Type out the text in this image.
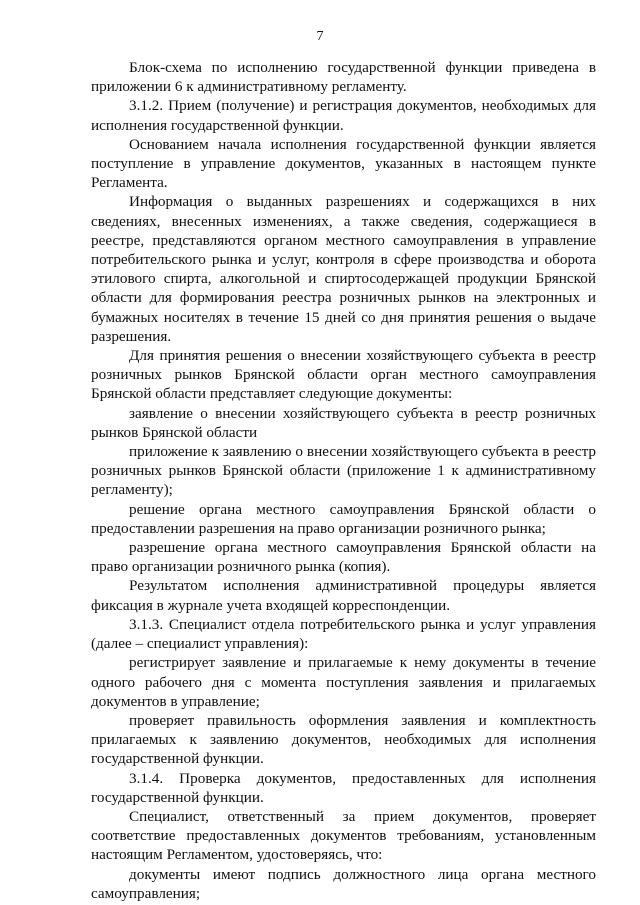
7

Блок-схема по исполнению государственной функции приведена в приложении 6 к административному регламенту.

3.1.2. Прием (получение) и регистрация документов, необходимых для исполнения государственной функции.

Основанием начала исполнения государственной функции является поступление в управление документов, указанных в настоящем пункте Регламента.

Информация о выданных разрешениях и содержащихся в них сведениях, внесенных изменениях, а также сведения, содержащиеся в реестре, представляются органом местного самоуправления в управление потребительского рынка и услуг, контроля в сфере производства и оборота этилового спирта, алкогольной и спиртосодержащей продукции Брянской области для формирования реестра розничных рынков на электронных и бумажных носителях в течение 15 дней со дня принятия решения о выдаче разрешения.

Для принятия решения о внесении хозяйствующего субъекта в реестр розничных рынков Брянской области орган местного самоуправления Брянской области представляет следующие документы:

заявление о внесении хозяйствующего субъекта в реестр розничных рынков Брянской области

приложение к заявлению о внесении хозяйствующего субъекта в реестр розничных рынков Брянской области (приложение 1 к административному регламенту);

решение органа местного самоуправления Брянской области о предоставлении разрешения на право организации розничного рынка;

разрешение органа местного самоуправления Брянской области на право организации розничного рынка (копия).

Результатом исполнения административной процедуры является фиксация в журнале учета входящей корреспонденции.

3.1.3. Специалист отдела потребительского рынка и услуг управления (далее – специалист управления):

регистрирует заявление и прилагаемые к нему документы в течение одного рабочего дня с момента поступления заявления и прилагаемых документов в управление;

проверяет правильность оформления заявления и комплектность прилагаемых к заявлению документов, необходимых для исполнения государственной функции.

3.1.4. Проверка документов, предоставленных для исполнения государственной функции.

Специалист, ответственный за прием документов, проверяет соответствие предоставленных документов требованиям, установленным настоящим Регламентом, удостоверяясь, что:

документы имеют подпись должностного лица органа местного самоуправления;
